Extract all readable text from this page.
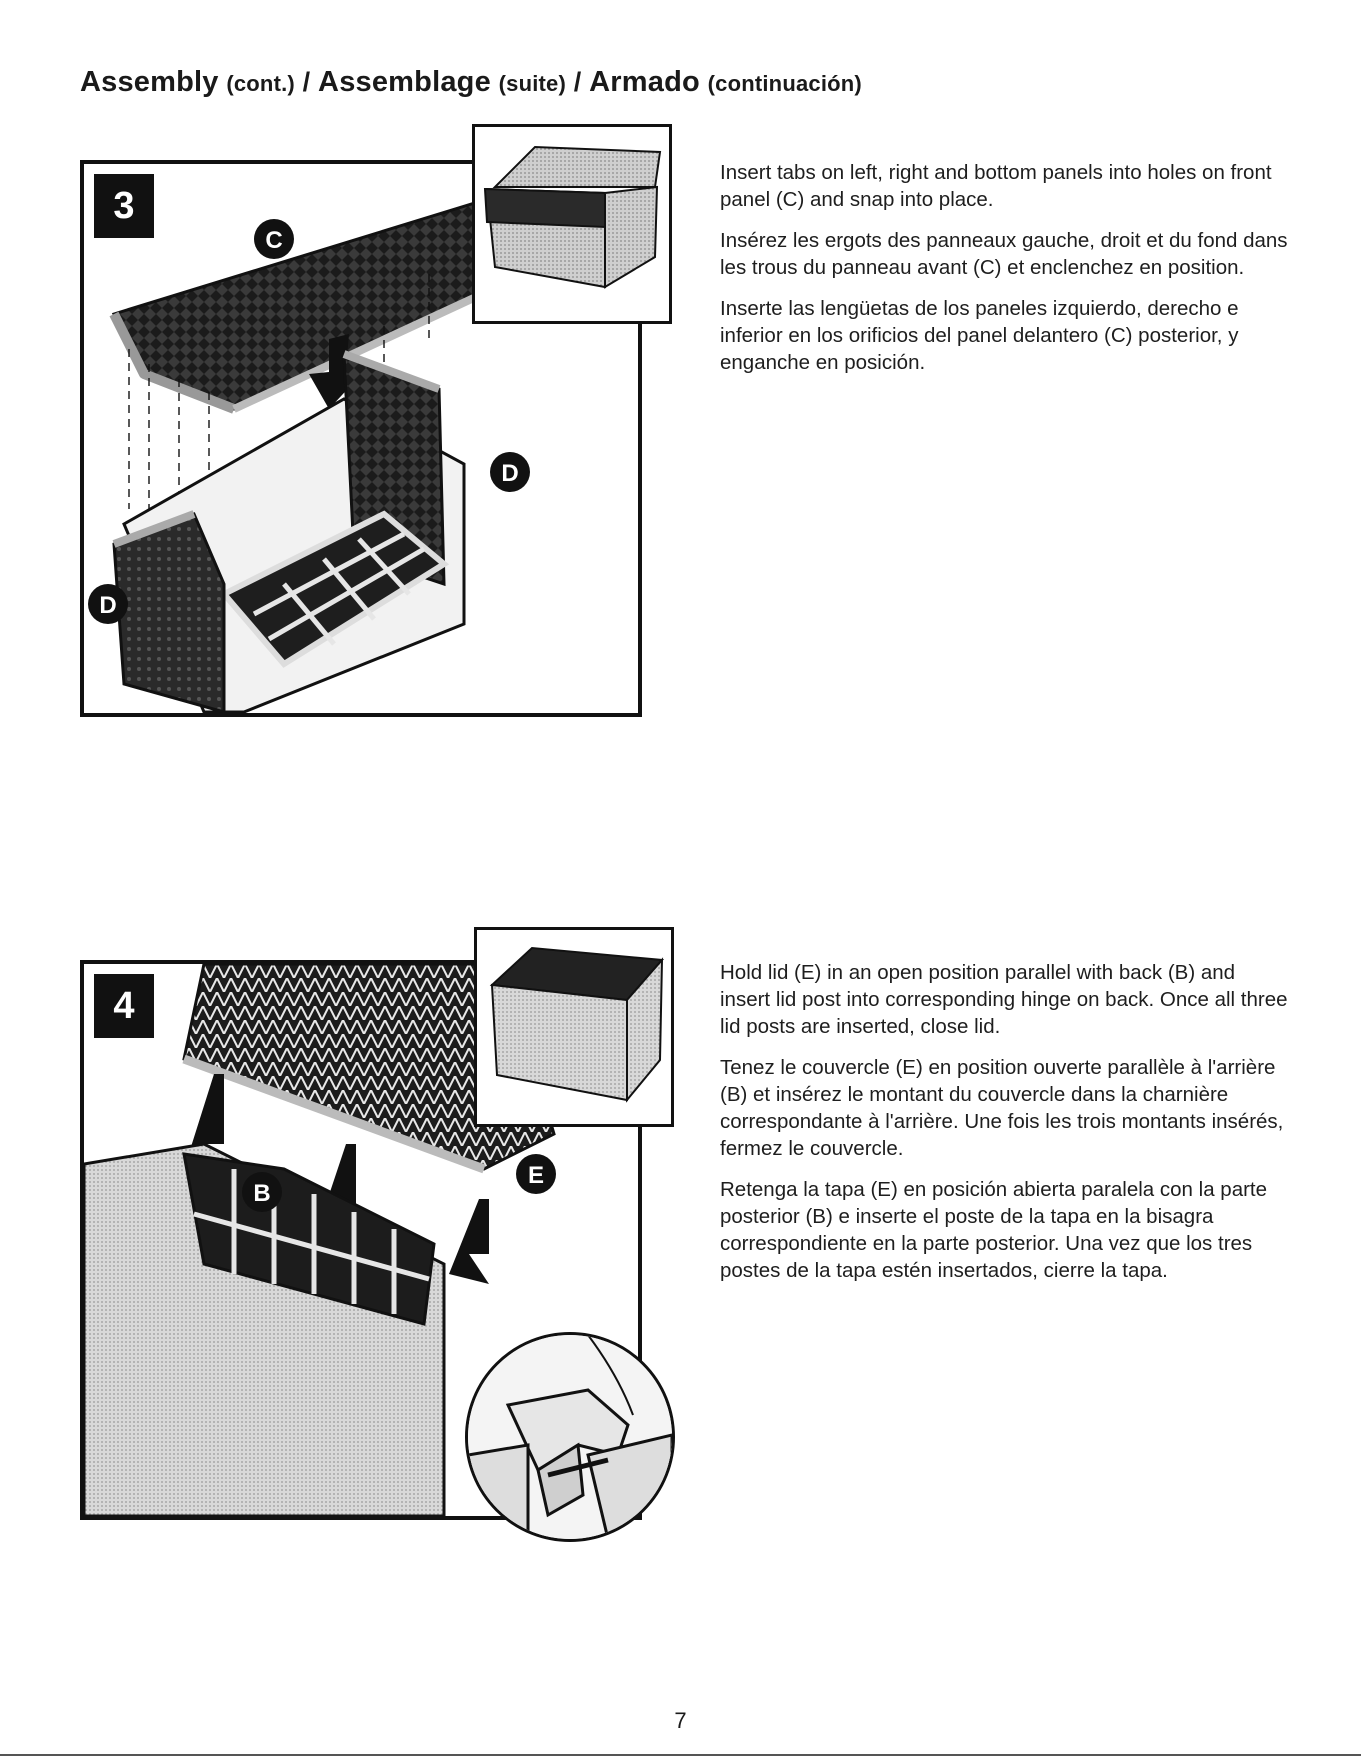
Assembly (cont.) / Assemblage (suite) / Armado (continuación)
C
D
D
3

Insert tabs on left, right and bottom panels into holes on front panel (C) and snap into place.

Insérez les ergots des panneaux gauche, droit et du fond dans les trous du panneau avant (C) et enclenchez en position.

Inserte las lengüetas de los paneles izquierdo, derecho e inferior en los orificios del panel delantero (C) posterior, y enganche en posición.

B
E
4

Hold lid (E) in an open position parallel with back (B) and insert lid post into corresponding hinge on back. Once all three lid posts are inserted, close lid.

Tenez le couvercle (E) en position ouverte parallèle à l'arrière (B) et insérez le montant du couvercle dans la charnière correspondante à l'arrière. Une fois les trois montants insérés, fermez le couvercle.

Retenga la tapa (E) en posición abierta paralela con la parte posterior (B) e inserte el poste de la tapa en la bisagra correspondiente en la parte posterior. Una vez que los tres postes de la tapa estén insertados, cierre la tapa.

7
